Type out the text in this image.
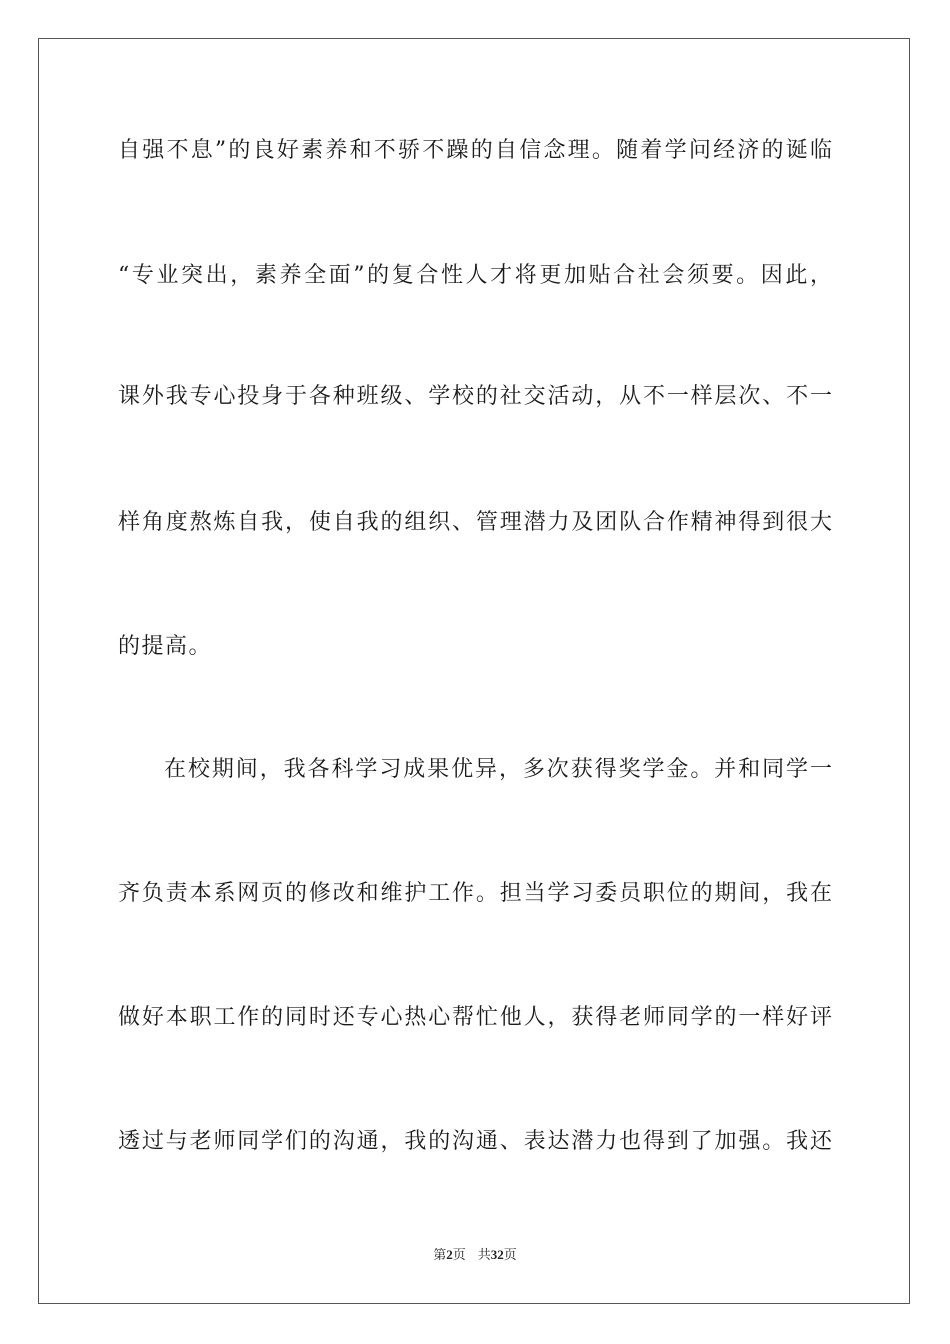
自强不息”的良好素养和不骄不躁的自信念理。随着学问经济的诞临
“专业突出，素养全面”的复合性人才将更加贴合社会须要。因此，
课外我专心投身于各种班级、学校的社交活动，从不一样层次、不一
样角度熬炼自我，使自我的组织、管理潜力及团队合作精神得到很大
的提高。
在校期间，我各科学习成果优异，多次获得奖学金。并和同学一
齐负责本系网页的修改和维护工作。担当学习委员职位的期间，我在
做好本职工作的同时还专心热心帮忙他人，获得老师同学的一样好评
透过与老师同学们的沟通，我的沟通、表达潜力也得到了加强。我还
第2页 共32页
